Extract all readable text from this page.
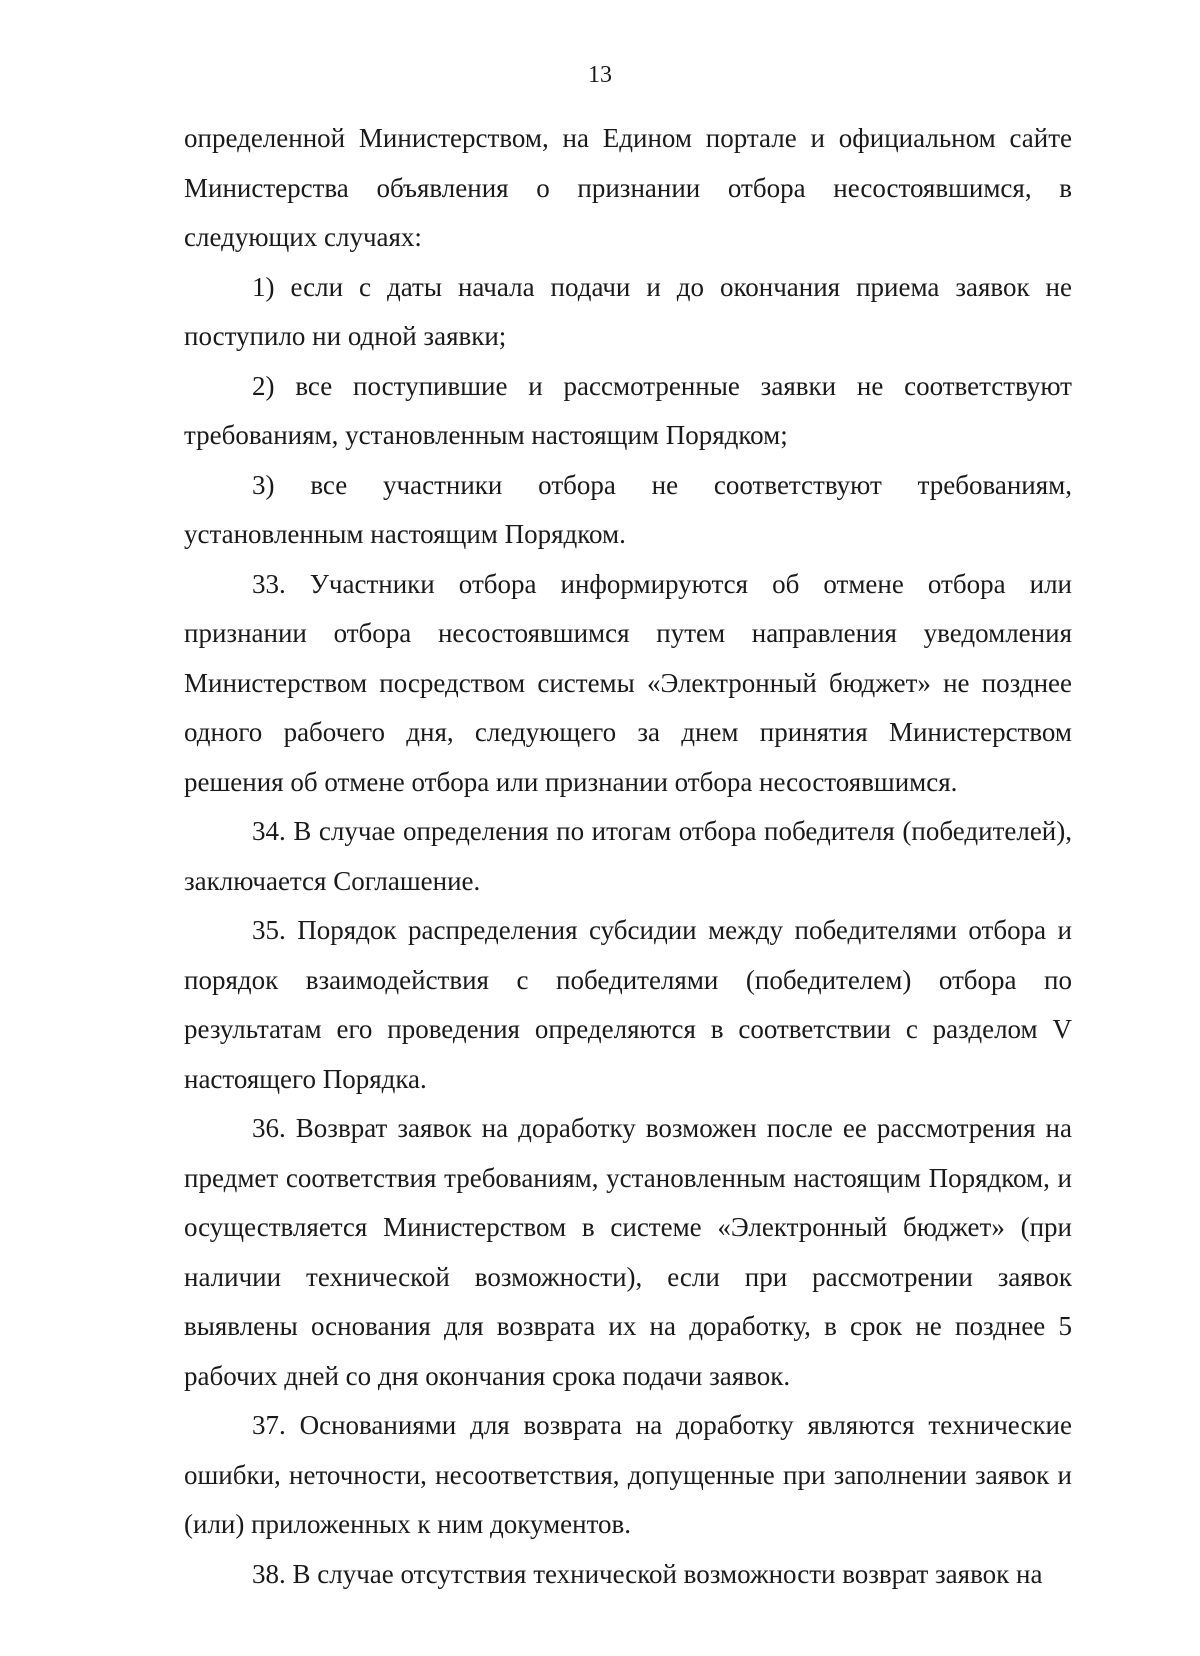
13

определенной Министерством, на Едином портале и официальном сайте Министерства объявления о признании отбора несостоявшимся, в следующих случаях:

1) если с даты начала подачи и до окончания приема заявок не поступило ни одной заявки;

2) все поступившие и рассмотренные заявки не соответствуют требованиям, установленным настоящим Порядком;

3) все участники отбора не соответствуют требованиям, установленным настоящим Порядком.

33. Участники отбора информируются об отмене отбора или признании отбора несостоявшимся путем направления уведомления Министерством посредством системы «Электронный бюджет» не позднее одного рабочего дня, следующего за днем принятия Министерством решения об отмене отбора или признании отбора несостоявшимся.

34. В случае определения по итогам отбора победителя (победителей), заключается Соглашение.

35. Порядок распределения субсидии между победителями отбора и порядок взаимодействия с победителями (победителем) отбора по результатам его проведения определяются в соответствии с разделом V настоящего Порядка.

36. Возврат заявок на доработку возможен после ее рассмотрения на предмет соответствия требованиям, установленным настоящим Порядком, и осуществляется Министерством в системе «Электронный бюджет» (при наличии технической возможности), если при рассмотрении заявок выявлены основания для возврата их на доработку, в срок не позднее 5 рабочих дней со дня окончания срока подачи заявок.

37. Основаниями для возврата на доработку являются технические ошибки, неточности, несоответствия, допущенные при заполнении заявок и (или) приложенных к ним документов.

38. В случае отсутствия технической возможности возврат заявок на
